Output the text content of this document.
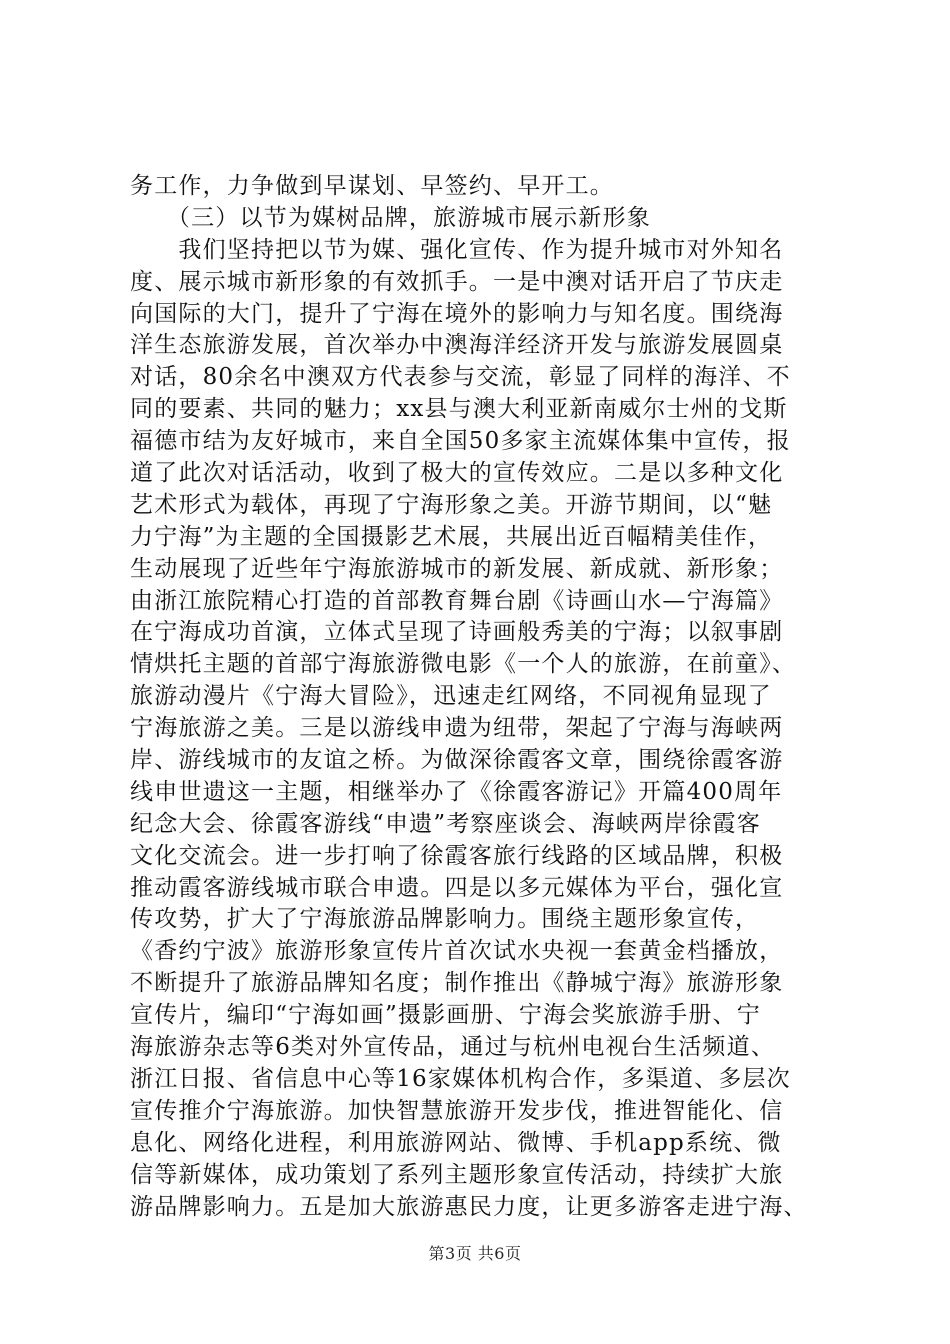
务工作，力争做到早谋划、早签约、早开工。
　　（三）以节为媒树品牌，旅游城市展示新形象
　　我们坚持把以节为媒、强化宣传、作为提升城市对外知名
度、展示城市新形象的有效抓手。一是中澳对话开启了节庆走
向国际的大门，提升了宁海在境外的影响力与知名度。围绕海
洋生态旅游发展，首次举办中澳海洋经济开发与旅游发展圆桌
对话，80余名中澳双方代表参与交流，彰显了同样的海洋、不
同的要素、共同的魅力；xx县与澳大利亚新南威尔士州的戈斯
福德市结为友好城市，来自全国50多家主流媒体集中宣传，报
道了此次对话活动，收到了极大的宣传效应。二是以多种文化
艺术形式为载体，再现了宁海形象之美。开游节期间，以“魅
力宁海”为主题的全国摄影艺术展，共展出近百幅精美佳作，
生动展现了近些年宁海旅游城市的新发展、新成就、新形象；
由浙江旅院精心打造的首部教育舞台剧《诗画山水—宁海篇》
在宁海成功首演，立体式呈现了诗画般秀美的宁海；以叙事剧
情烘托主题的首部宁海旅游微电影《一个人的旅游，在前童》、
旅游动漫片《宁海大冒险》，迅速走红网络，不同视角显现了
宁海旅游之美。三是以游线申遗为纽带，架起了宁海与海峡两
岸、游线城市的友谊之桥。为做深徐霞客文章，围绕徐霞客游
线申世遗这一主题，相继举办了《徐霞客游记》开篇400周年
纪念大会、徐霞客游线“申遗”考察座谈会、海峡两岸徐霞客
文化交流会。进一步打响了徐霞客旅行线路的区域品牌，积极
推动霞客游线城市联合申遗。四是以多元媒体为平台，强化宣
传攻势，扩大了宁海旅游品牌影响力。围绕主题形象宣传，
《香约宁波》旅游形象宣传片首次试水央视一套黄金档播放，
不断提升了旅游品牌知名度；制作推出《静城宁海》旅游形象
宣传片，编印“宁海如画”摄影画册、宁海会奖旅游手册、宁
海旅游杂志等6类对外宣传品，通过与杭州电视台生活频道、
浙江日报、省信息中心等16家媒体机构合作，多渠道、多层次
宣传推介宁海旅游。加快智慧旅游开发步伐，推进智能化、信
息化、网络化进程，利用旅游网站、微博、手机app系统、微
信等新媒体，成功策划了系列主题形象宣传活动，持续扩大旅
游品牌影响力。五是加大旅游惠民力度，让更多游客走进宁海、
第3页 共6页
